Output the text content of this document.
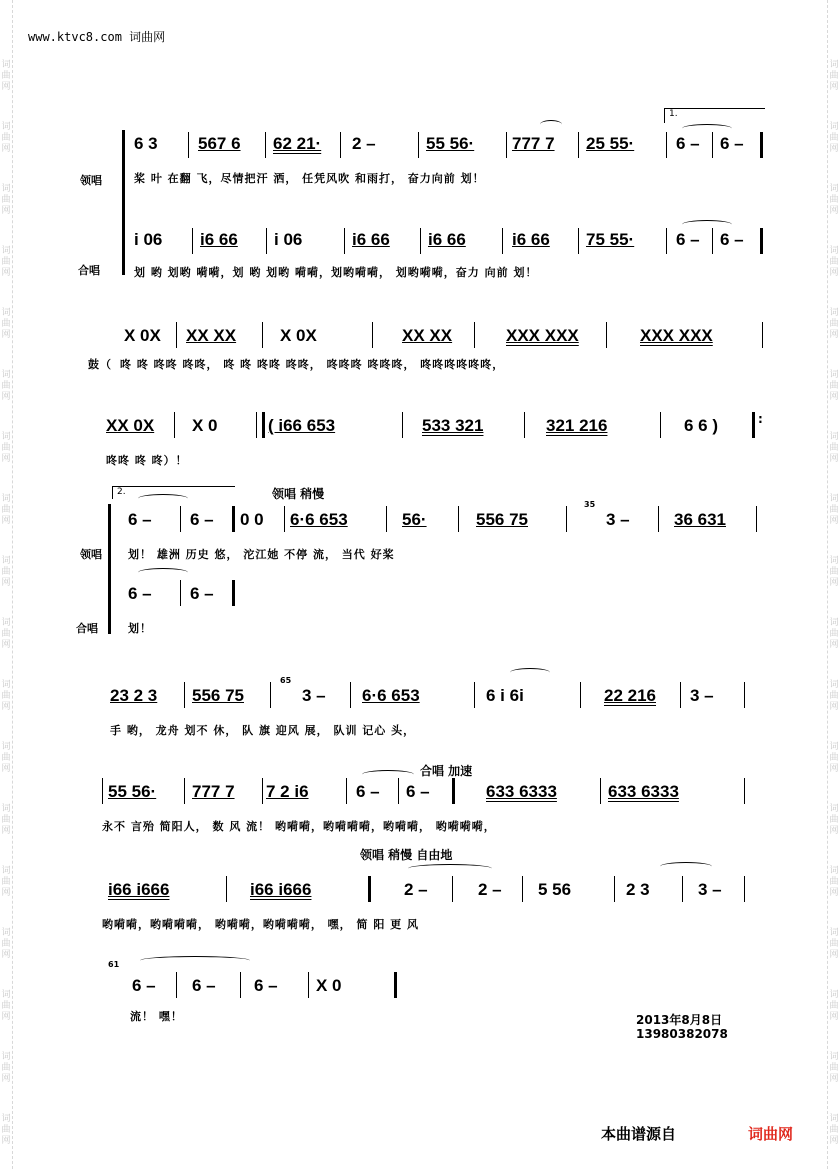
词
曲
网
词
曲
网
词
曲
网
词
曲
网
词
曲
网
词
曲
网
词
曲
网
词
曲
网
词
曲
网
词
曲
网
词
曲
网
词
曲
网
词
曲
网
词
曲
网
词
曲
网
词
曲
网
词
曲
网
词
曲
网
词
曲
网
词
曲
网
词
曲
网
词
曲
网
词
曲
网
词
曲
网
词
曲
网
词
曲
网
词
曲
网
词
曲
网
词
曲
网
词
曲
网
词
曲
网
词
曲
网
词
曲
网
词
曲
网
词
曲
网
词
曲
网
www.ktvc8.com 词曲网
领唱
合唱
1.
6 3 567 6 62 21· 2 –	55 56· 777 7 25 55· 6 – 6 –
桨 叶 在翻 飞，尽情把汗 洒， 任凭风吹 和雨打， 奋力向前 划！
i 06 i6 66 i 06	i6 66 i6 66	i6 66 75 55· 6 – 6 –
划 哟 划哟 嗬嗬，划 哟 划哟 嗬嗬，划哟嗬嗬， 划哟嗬嗬，奋力 向前 划！
X 0X XX XX	X 0X	XX XX	XXX XXX	XXX XXX
鼓（ 咚 咚 咚咚 咚咚， 咚 咚 咚咚 咚咚， 咚咚咚 咚咚咚， 咚咚咚咚咚咚，
XX 0X X 0	( i66 653	533 321	321 216	6 6 )	:
咚咚 咚 咚）！
2.	领唱 稍慢
领唱
合唱
6 – 6 – 0 0 6·6 653	56·	556 75
35
3 –	36 631
划！ 雄洲 历史 悠， 沱江她 不停 流， 当代 好桨
6 – 6 –
划！
23 2 3 556 75
65
3 – 6·6 653	6 i 6i	22 216 3 –
手 哟， 龙舟 划不 休， 队 旗 迎风 展， 队训 记心 头，
合唱 加速
55 56· 777 7 7 2 i6	6 – 6 –	633 6333	633 6333
永不 言殆 简阳人， 数 风 流！ 哟嗬嗬，哟嗬嗬嗬，哟嗬嗬， 哟嗬嗬嗬，
领唱 稍慢 自由地
i66 i666	i66 i666	2 –	2 – 5 56	2 3	3 –
哟嗬嗬，哟嗬嗬嗬， 哟嗬嗬，哟嗬嗬嗬， 嘿， 简 阳 更 风
61
6 – 6 – 6 – X 0
流！ 嘿！	2013年8月8日
13980382078
本曲谱源自	词曲网
